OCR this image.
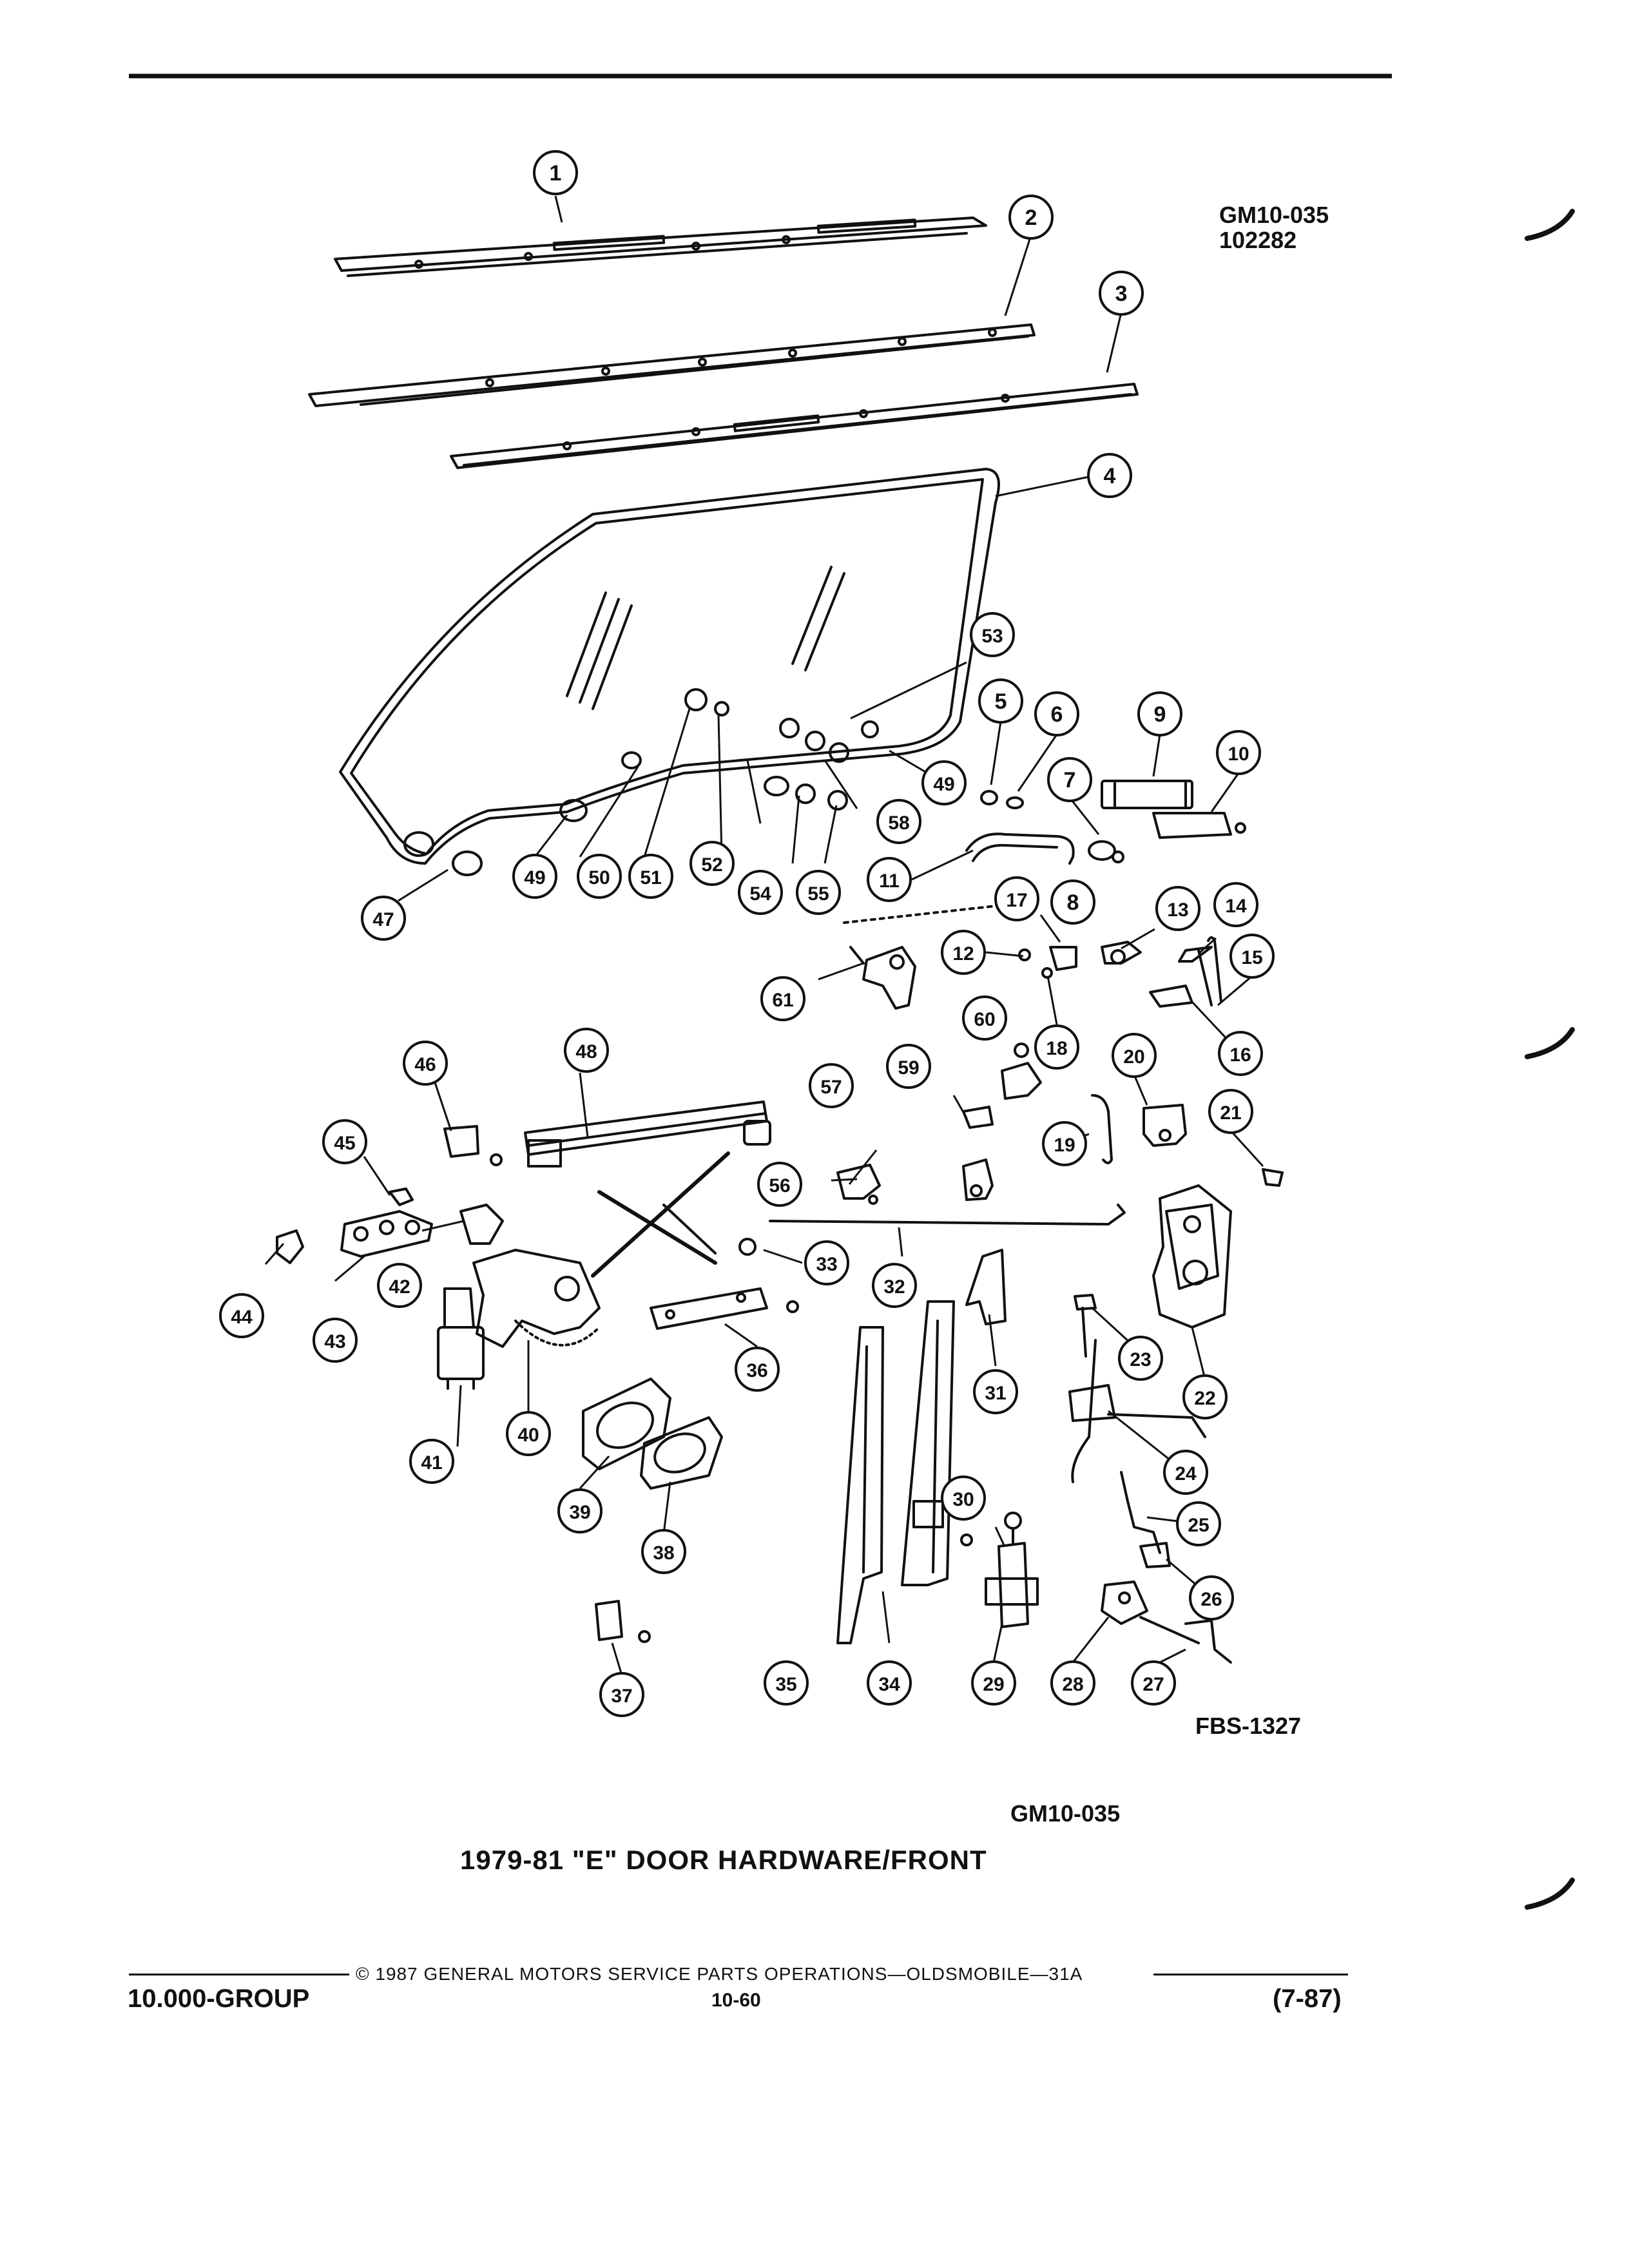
1
2
3
4
5
6
7
8
9
10
11
12
13 14
15
16
17
18
19
20
21
22
23
24
25
26
27
28
29
30
31
32
33
34
35
36
37
38
39
40
41
42
43
44
45
46
47
48
49
50 51
52
53
54 55
56
57
58
59
60
61
49
GM10-035
102282
FBS-1327
GM10-035
1979-81 "E" DOOR HARDWARE/FRONT
© 1987 GENERAL MOTORS SERVICE PARTS OPERATIONS—OLDSMOBILE—31A
10.000-GROUP	10-60	(7-87)
